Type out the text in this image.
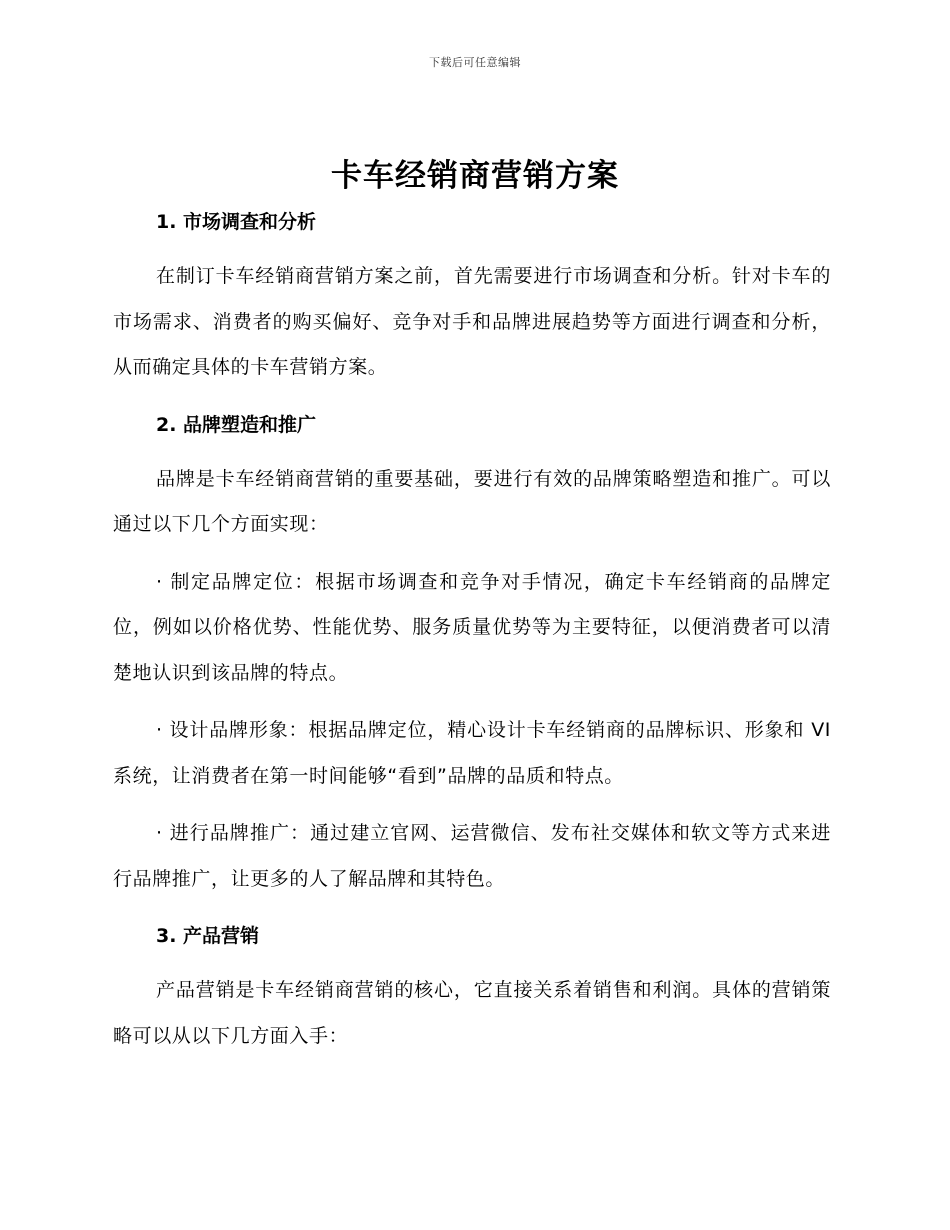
下载后可任意编辑
卡车经销商营销方案
1. 市场调查和分析

在制订卡车经销商营销方案之前，首先需要进行市场调查和分析。针对卡车的市场需求、消费者的购买偏好、竞争对手和品牌进展趋势等方面进行调查和分析，从而确定具体的卡车营销方案。

2. 品牌塑造和推广

品牌是卡车经销商营销的重要基础，要进行有效的品牌策略塑造和推广。可以通过以下几个方面实现：

· 制定品牌定位：根据市场调查和竞争对手情况，确定卡车经销商的品牌定位，例如以价格优势、性能优势、服务质量优势等为主要特征，以便消费者可以清楚地认识到该品牌的特点。

· 设计品牌形象：根据品牌定位，精心设计卡车经销商的品牌标识、形象和 VI 系统，让消费者在第一时间能够“看到”品牌的品质和特点。

· 进行品牌推广：通过建立官网、运营微信、发布社交媒体和软文等方式来进行品牌推广，让更多的人了解品牌和其特色。

3. 产品营销

产品营销是卡车经销商营销的核心，它直接关系着销售和利润。具体的营销策略可以从以下几方面入手：
